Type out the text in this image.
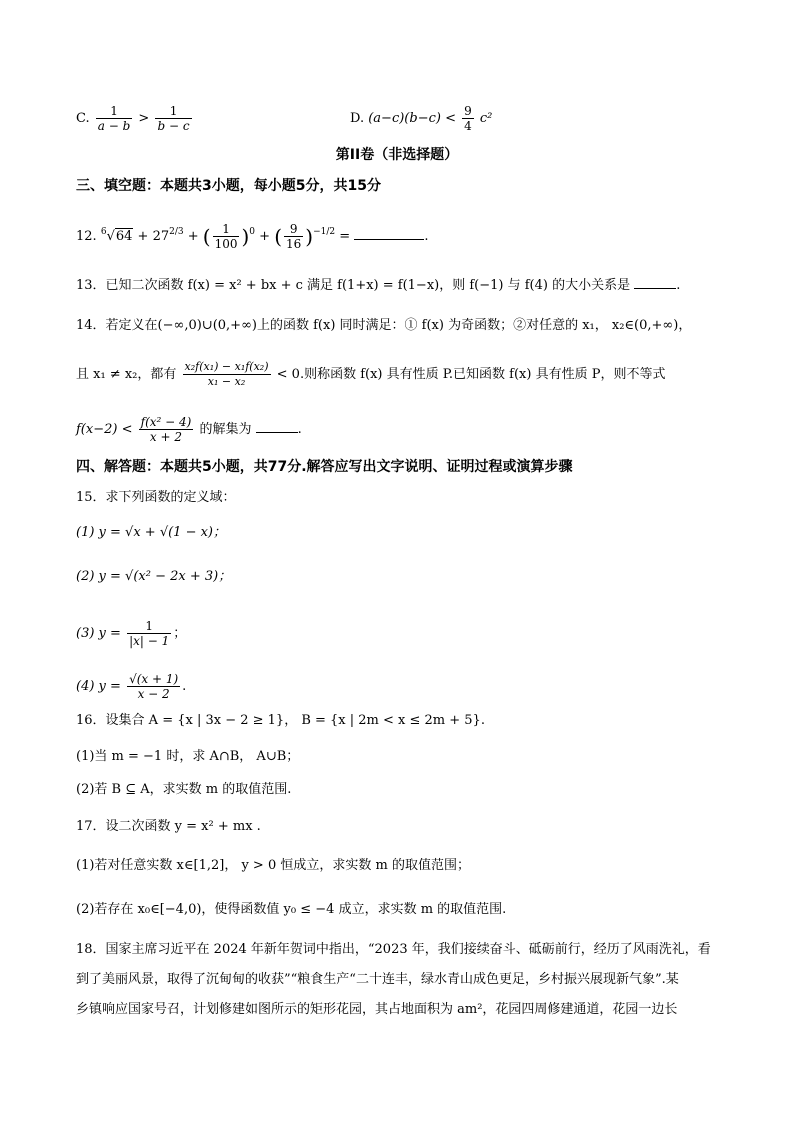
C. $\frac{1}{a - b} > \frac{1}{b - c}$	D. $(a-c)(b-c) < \frac{9}{4} c^2$
第II卷（非选择题）
三、填空题：本题共3小题，每小题5分，共15分
12. $^6√64 + 27^{2/3}$ + ( $\frac{1}{100} )^0$ + ( $\frac{9}{16} )^{-1/2}$ =	.
13．已知二次函数 f(x) = x² + bx + c 满足 f(1+x) = f(1−x)，则 f(−1) 与 f(4) 的大小关系是	.
14．若定义在(−∞,0)∪(0,+∞)上的函数 f(x) 同时满足：① f(x) 为奇函数；②对任意的 x₁， x₂∈(0,+∞)，
且 x₁ ≠ x₂，都有 $\frac{\text{x₂f(x₁) − x₁f(x₂)}}{\text{x₁ − x₂}} < 0$.则称函数 f(x) 具有性质 P.已知函数 f(x) 具有性质 P，则不等式
$f(x-2) < \frac{\text{f(x² − 4)}}{x + 2}$ 的解集为	.
四、解答题：本题共5小题，共77分.解答应写出文字说明、证明过程或演算步骤
15．求下列函数的定义域：
(1) y = √x + √(1 − x)；
(2) y = √(x² − 2x + 3)；
(3) $y = \frac{1}{|x| - 1}$ ；
(4) $y = \frac{√(x + 1)}{x - 2}$ .
16．设集合 A = {x | 3x − 2 ≥ 1}， B = {x | 2m < x ≤ 2m + 5}.
(1)当 m = −1 时，求 A∩B， A∪B；
(2)若 B ⊆ A，求实数 m 的取值范围.
17．设二次函数 y = x² + mx .
(1)若对任意实数 x∈[1,2]， y > 0 恒成立，求实数 m 的取值范围；
(2)若存在 x₀∈[−4,0)，使得函数值 y₀ ≤ −4 成立，求实数 m 的取值范围.
18．国家主席习近平在 2024 年新年贺词中指出，“2023 年，我们接续奋斗、砥砺前行，经历了风雨洗礼，看
到了美丽风景，取得了沉甸甸的收获”“粮食生产“二十连丰，绿水青山成色更足，乡村振兴展现新气象”.某
乡镇响应国家号召，计划修建如图所示的矩形花园，其占地面积为 am²，花园四周修建通道，花园一边长
